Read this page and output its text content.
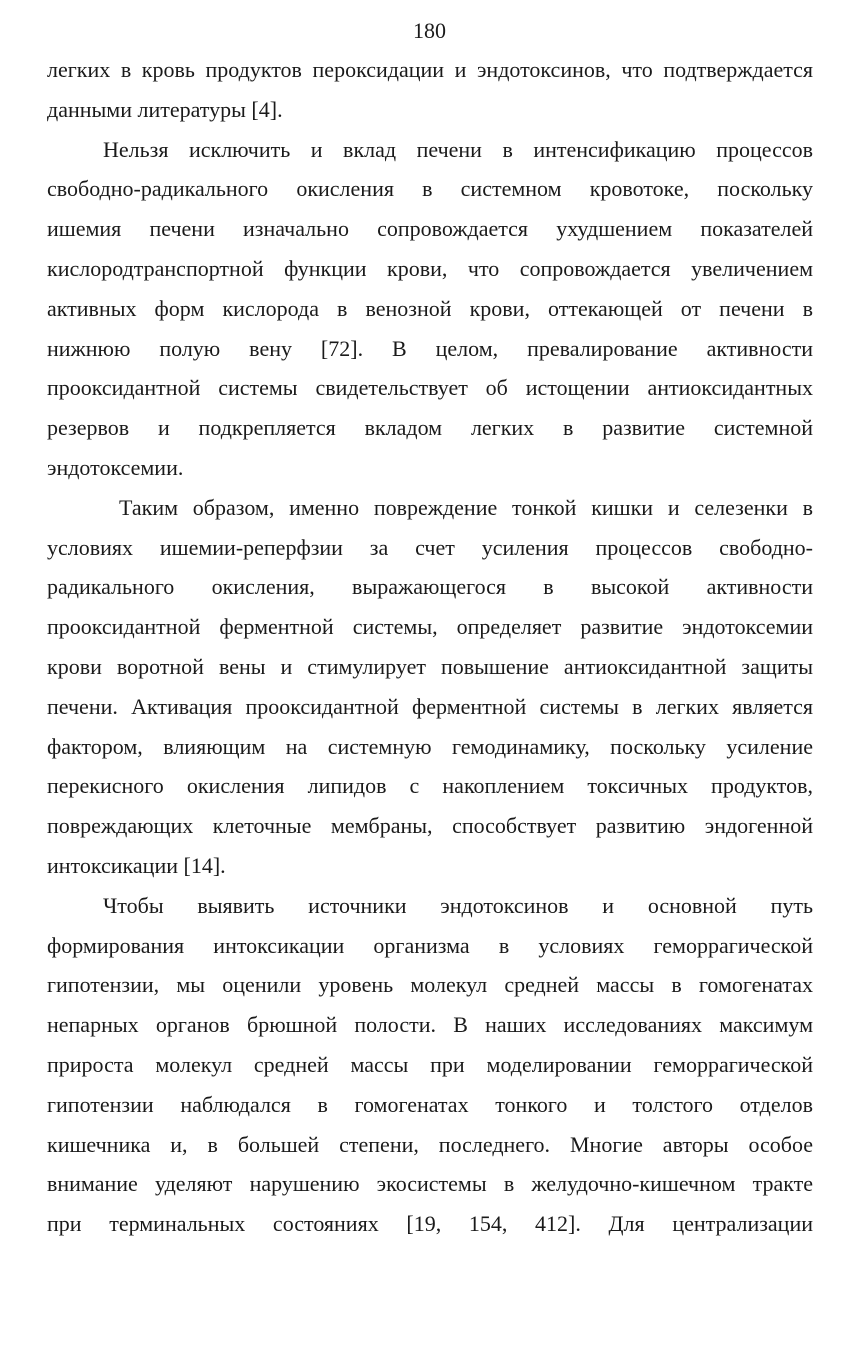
180
легких в кровь продуктов пероксидации и эндотоксинов, что подтверждается
данными литературы [4].
Нельзя исключить и вклад печени в интенсификацию процессов
свободно-радикального окисления в системном кровотоке, поскольку
ишемия печени изначально сопровождается ухудшением показателей
кислородтранспортной функции крови, что сопровождается увеличением
активных форм кислорода в венозной крови, оттекающей от печени в
нижнюю полую вену [72]. В целом, превалирование активности
прооксидантной системы свидетельствует об истощении антиоксидантных
резервов и подкрепляется вкладом легких в развитие системной
эндотоксемии.
Таким образом, именно повреждение тонкой кишки и селезенки в
условиях ишемии-реперфзии за счет усиления процессов свободно-
радикального окисления, выражающегося в высокой активности
прооксидантной ферментной системы, определяет развитие эндотоксемии
крови воротной вены и стимулирует повышение антиоксидантной защиты
печени. Активация прооксидантной ферментной системы в легких является
фактором, влияющим на системную гемодинамику, поскольку усиление
перекисного окисления липидов с накоплением токсичных продуктов,
повреждающих клеточные мембраны, способствует развитию эндогенной
интоксикации [14].
Чтобы выявить источники эндотоксинов и основной путь
формирования интоксикации организма в условиях геморрагической
гипотензии, мы оценили уровень молекул средней массы в гомогенатах
непарных органов брюшной полости. В наших исследованиях максимум
прироста молекул средней массы при моделировании геморрагической
гипотензии наблюдался в гомогенатах тонкого и толстого отделов
кишечника и, в большей степени, последнего. Многие авторы особое
внимание уделяют нарушению экосистемы в желудочно-кишечном тракте
при терминальных состояниях [19, 154, 412]. Для централизации
